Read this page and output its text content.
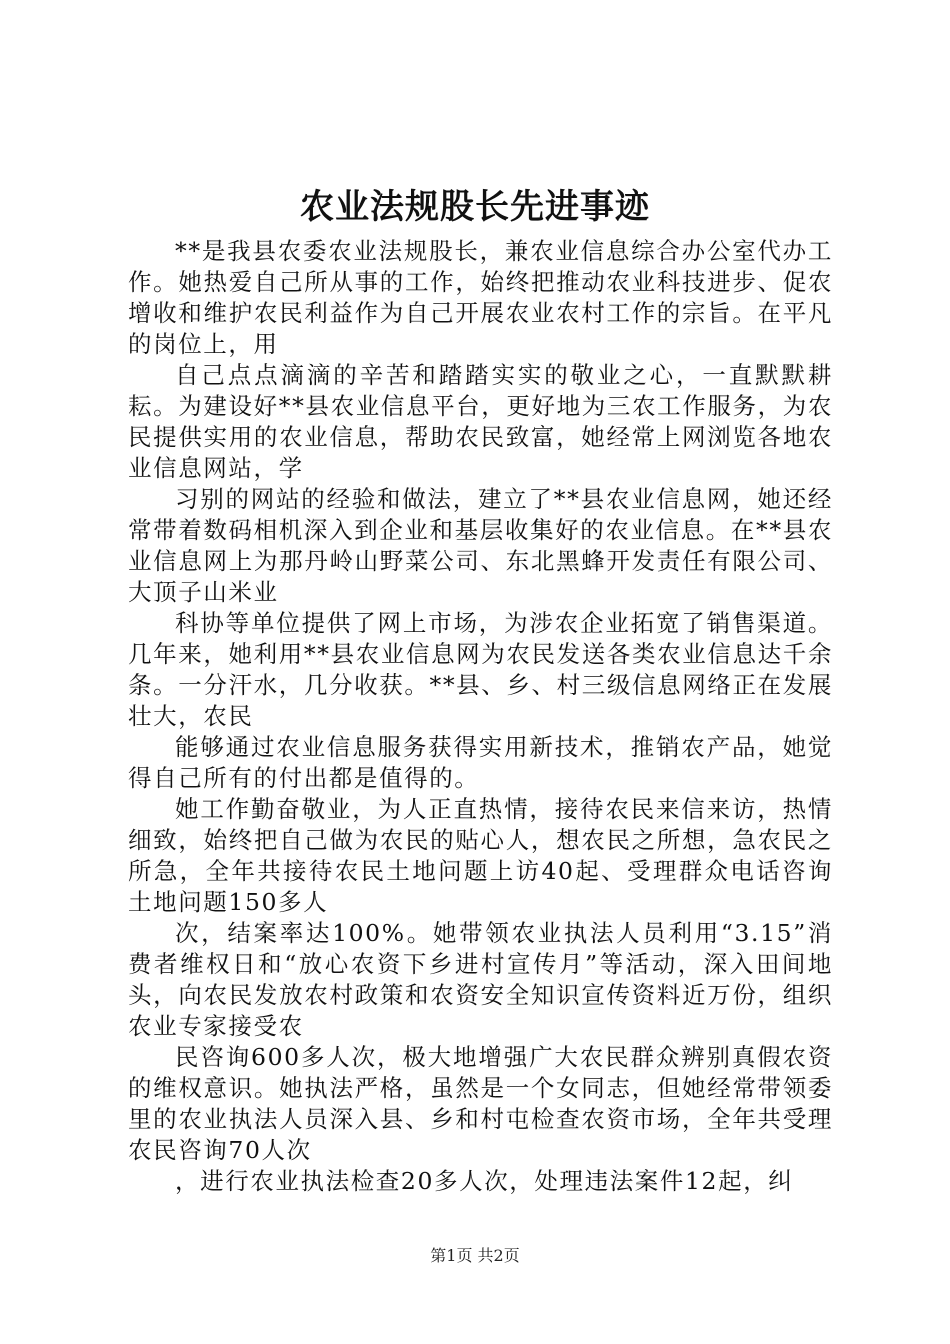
农业法规股长先进事迹

**是我县农委农业法规股长，兼农业信息综合办公室代办工作。她热爱自己所从事的工作，始终把推动农业科技进步、促农增收和维护农民利益作为自己开展农业农村工作的宗旨。在平凡的岗位上，用

自己点点滴滴的辛苦和踏踏实实的敬业之心，一直默默耕耘。为建设好**县农业信息平台，更好地为三农工作服务，为农民提供实用的农业信息，帮助农民致富，她经常上网浏览各地农业信息网站，学

习别的网站的经验和做法，建立了**县农业信息网，她还经常带着数码相机深入到企业和基层收集好的农业信息。在**县农业信息网上为那丹岭山野菜公司、东北黑蜂开发责任有限公司、大顶子山米业

科协等单位提供了网上市场，为涉农企业拓宽了销售渠道。几年来，她利用**县农业信息网为农民发送各类农业信息达千余条。一分汗水，几分收获。**县、乡、村三级信息网络正在发展壮大，农民

能够通过农业信息服务获得实用新技术，推销农产品，她觉得自己所有的付出都是值得的。

她工作勤奋敬业，为人正直热情，接待农民来信来访，热情细致，始终把自己做为农民的贴心人，想农民之所想，急农民之所急，全年共接待农民土地问题上访40起、受理群众电话咨询土地问题150多人

次，结案率达100%。她带领农业执法人员利用“3.15”消费者维权日和“放心农资下乡进村宣传月”等活动，深入田间地头，向农民发放农村政策和农资安全知识宣传资料近万份，组织农业专家接受农

民咨询600多人次，极大地增强广大农民群众辨别真假农资的维权意识。她执法严格，虽然是一个女同志，但她经常带领委里的农业执法人员深入县、乡和村屯检查农资市场，全年共受理农民咨询70人次

，进行农业执法检查20多人次，处理违法案件12起，纠

第1页 共2页
